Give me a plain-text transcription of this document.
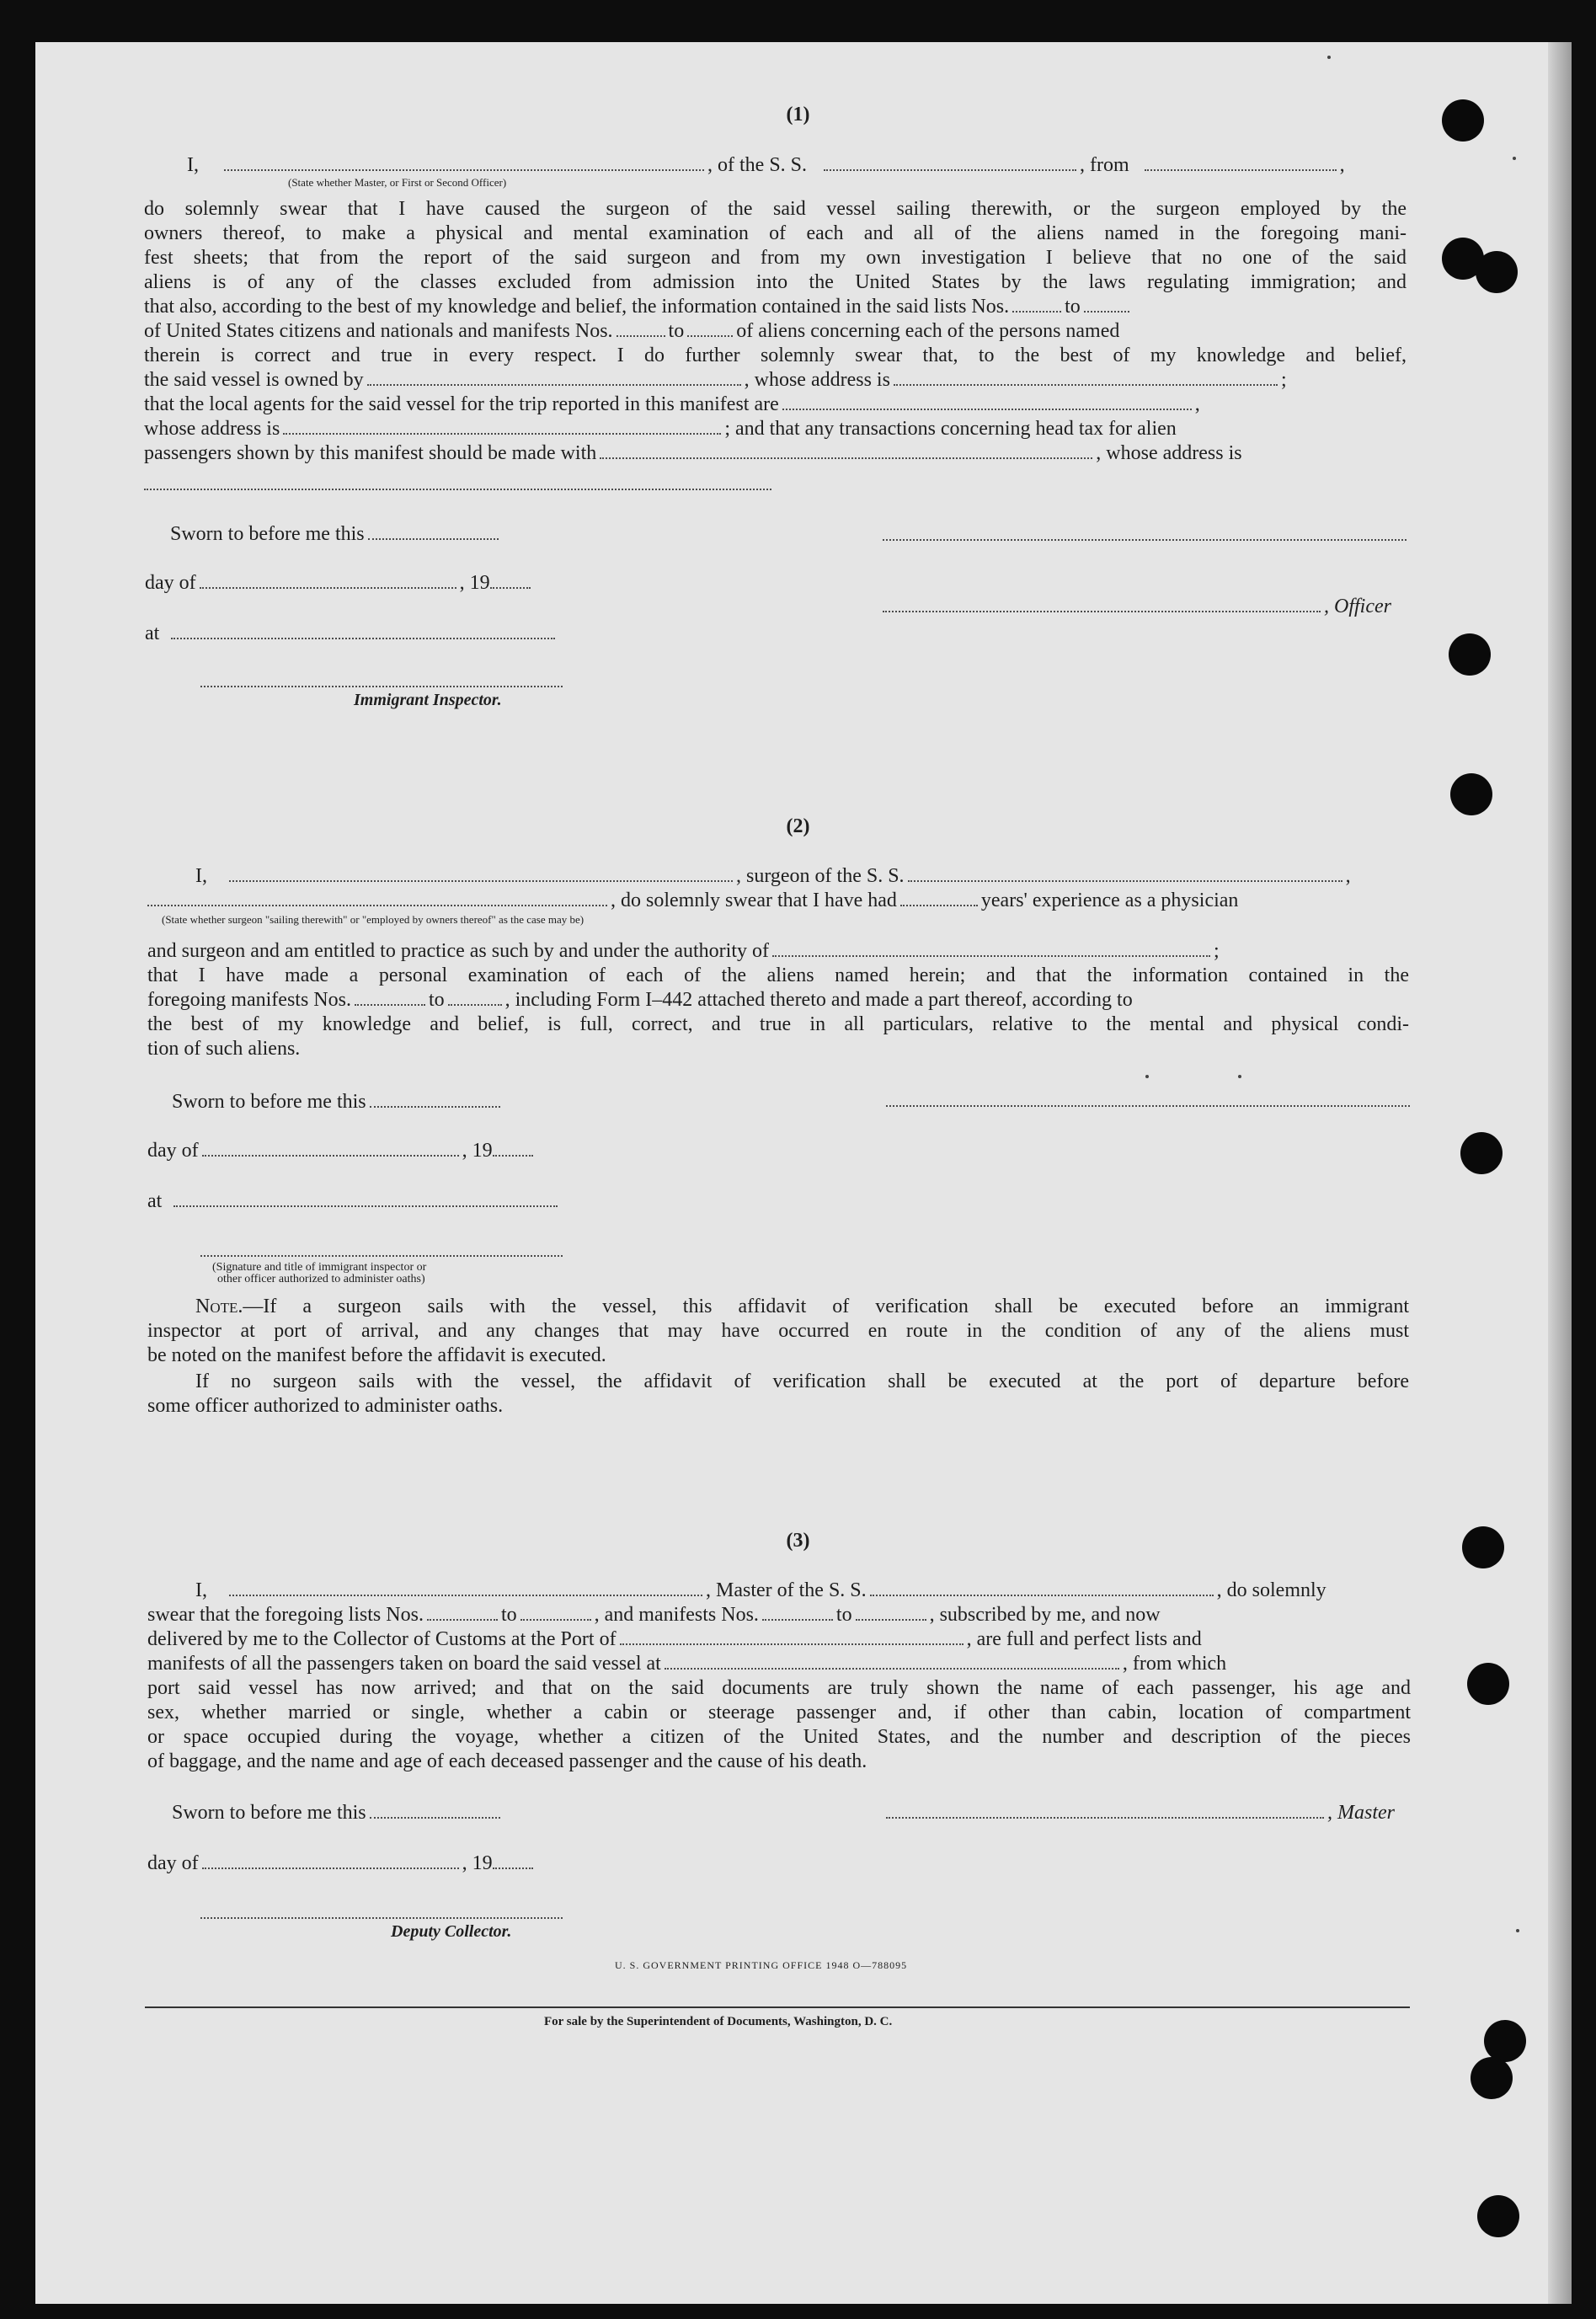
(1)
I,	, of the S. S.	, from	,
(State whether Master, or First or Second Officer)
do solemnly swear that I have caused the surgeon of the said vessel sailing therewith, or the surgeon employed by the
owners thereof, to make a physical and mental examination of each and all of the aliens named in the foregoing mani-
fest sheets; that from the report of the said surgeon and from my own investigation I believe that no one of the said
aliens is of any of the classes excluded from admission into the United States by the laws regulating immigration; and
that also, according to the best of my knowledge and belief, the information contained in the said lists Nos.	to
of United States citizens and nationals and manifests Nos.	to	of aliens concerning each of the persons named
therein is correct and true in every respect. I do further solemnly swear that, to the best of my knowledge and belief,
the said vessel is owned by	, whose address is	;
that the local agents for the said vessel for the trip reported in this manifest are	,
whose address is	; and that any transactions concerning head tax for alien
passengers shown by this manifest should be made with	, whose address is
Sworn to before me this
day of	, 19
, Officer
at
Immigrant Inspector.
(2)
I,	, surgeon of the S. S.	,
, do solemnly swear that I have had	years' experience as a physician
(State whether surgeon "sailing therewith" or "employed by owners thereof" as the case may be)
and surgeon and am entitled to practice as such by and under the authority of	;
that I have made a personal examination of each of the aliens named herein; and that the information contained in the
foregoing manifests Nos.	to	, including Form I–442 attached thereto and made a part thereof, according to
the best of my knowledge and belief, is full, correct, and true in all particulars, relative to the mental and physical condi-
tion of such aliens.
Sworn to before me this
day of	, 19
at
(Signature and title of immigrant inspector or
other officer authorized to administer oaths)
Note.—If a surgeon sails with the vessel, this affidavit of verification shall be executed before an immigrant
inspector at port of arrival, and any changes that may have occurred en route in the condition of any of the aliens must
be noted on the manifest before the affidavit is executed.
If no surgeon sails with the vessel, the affidavit of verification shall be executed at the port of departure before
some officer authorized to administer oaths.
(3)
I,	, Master of the S. S.	, do solemnly
swear that the foregoing lists Nos.	to	, and manifests Nos.	to	, subscribed by me, and now
delivered by me to the Collector of Customs at the Port of	, are full and perfect lists and
manifests of all the passengers taken on board the said vessel at	, from which
port said vessel has now arrived; and that on the said documents are truly shown the name of each passenger, his age and
sex, whether married or single, whether a cabin or steerage passenger and, if other than cabin, location of compartment
or space occupied during the voyage, whether a citizen of the United States, and the number and description of the pieces
of baggage, and the name and age of each deceased passenger and the cause of his death.
Sworn to before me this	, Master
day of	, 19
Deputy Collector.
U. S. GOVERNMENT PRINTING OFFICE 1948 O—788095
For sale by the Superintendent of Documents, Washington, D. C.
